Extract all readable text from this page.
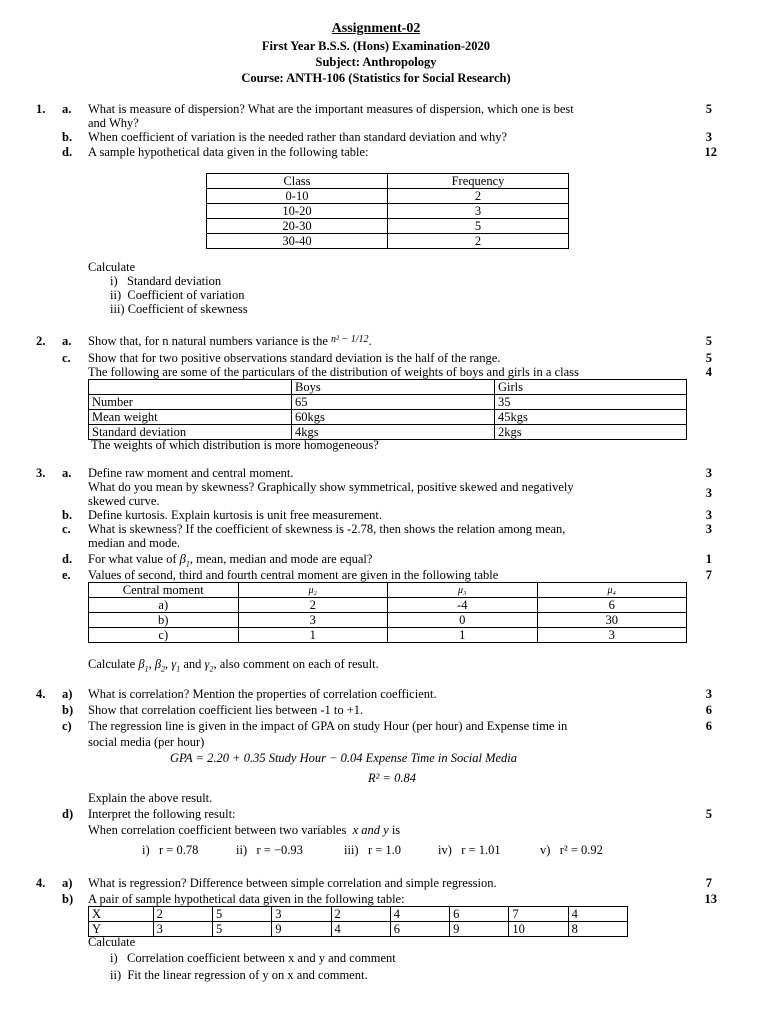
Assignment-02
First Year B.S.S. (Hons) Examination-2020
Subject: Anthropology
Course: ANTH-106 (Statistics for Social Research)
1. a. What is measure of dispersion? What are the important measures of dispersion, which one is best
and Why?
5
b. When coefficient of variation is the needed rather than standard deviation and why?	3
d. A sample hypothetical data given in the following table:	12
Class	Frequency
0-10	2
10-20	3
20-30	5
30-40	2
Calculate
i)   Standard deviation
ii)  Coefficient of variation
iii) Coefficient of skewness
2. a. Show that, for n natural numbers variance is the $^{n^2 - 1/12}$.	5
c. Show that for two positive observations standard deviation is the half of the range.	5
The following are some of the particulars of the distribution of weights of boys and girls in a class	4
	Boys	Girls
Number	65	35
Mean weight	60kgs	45kgs
Standard deviation	4kgs	2kgs
The weights of which distribution is more homogeneous?
3. a. Define raw moment and central moment.	3
What do you mean by skewness? Graphically show symmetrical, positive skewed and negatively
skewed curve.
3
b. Define kurtosis. Explain kurtosis is unit free measurement.	3
c. What is skewness? If the coefficient of skewness is -2.78, then shows the relation among mean,
median and mode.
3
d. For what value of $\beta_1$, mean, median and mode are equal?	1
e. Values of second, third and fourth central moment are given in the following table	7
Central moment	μ₂	μ₃	μ₄
a)	2	-4	6
b)	3	0	30
c)	1	1	3
Calculate $\beta_1$, $\beta_2$, $\gamma_1$ and $\gamma_2$, also comment on each of result.
4. a) What is correlation? Mention the properties of correlation coefficient.	3
b) Show that correlation coefficient lies between -1 to +1.	6
c) The regression line is given in the impact of GPA on study Hour (per hour) and Expense time in
social media (per hour)
6
GPA = 2.20 + 0.35 Study Hour − 0.04 Expense Time in Social Media
R² = 0.84
Explain the above result.
d) Interpret the following result:	5
When correlation coefficient between two variables x and y is
i)   r = 0.78	ii)   r = −0.93	iii)   r = 1.0	iv)   r = 1.01	v)   r² = 0.92
4. a) What is regression? Difference between simple correlation and simple regression.	7
b) A pair of sample hypothetical data given in the following table:	13
X	2	5	3	2	4	6	7	4
Y	3	5	9	4	6	9	10	8
Calculate
i)   Correlation coefficient between x and y and comment
ii)  Fit the linear regression of y on x and comment.
